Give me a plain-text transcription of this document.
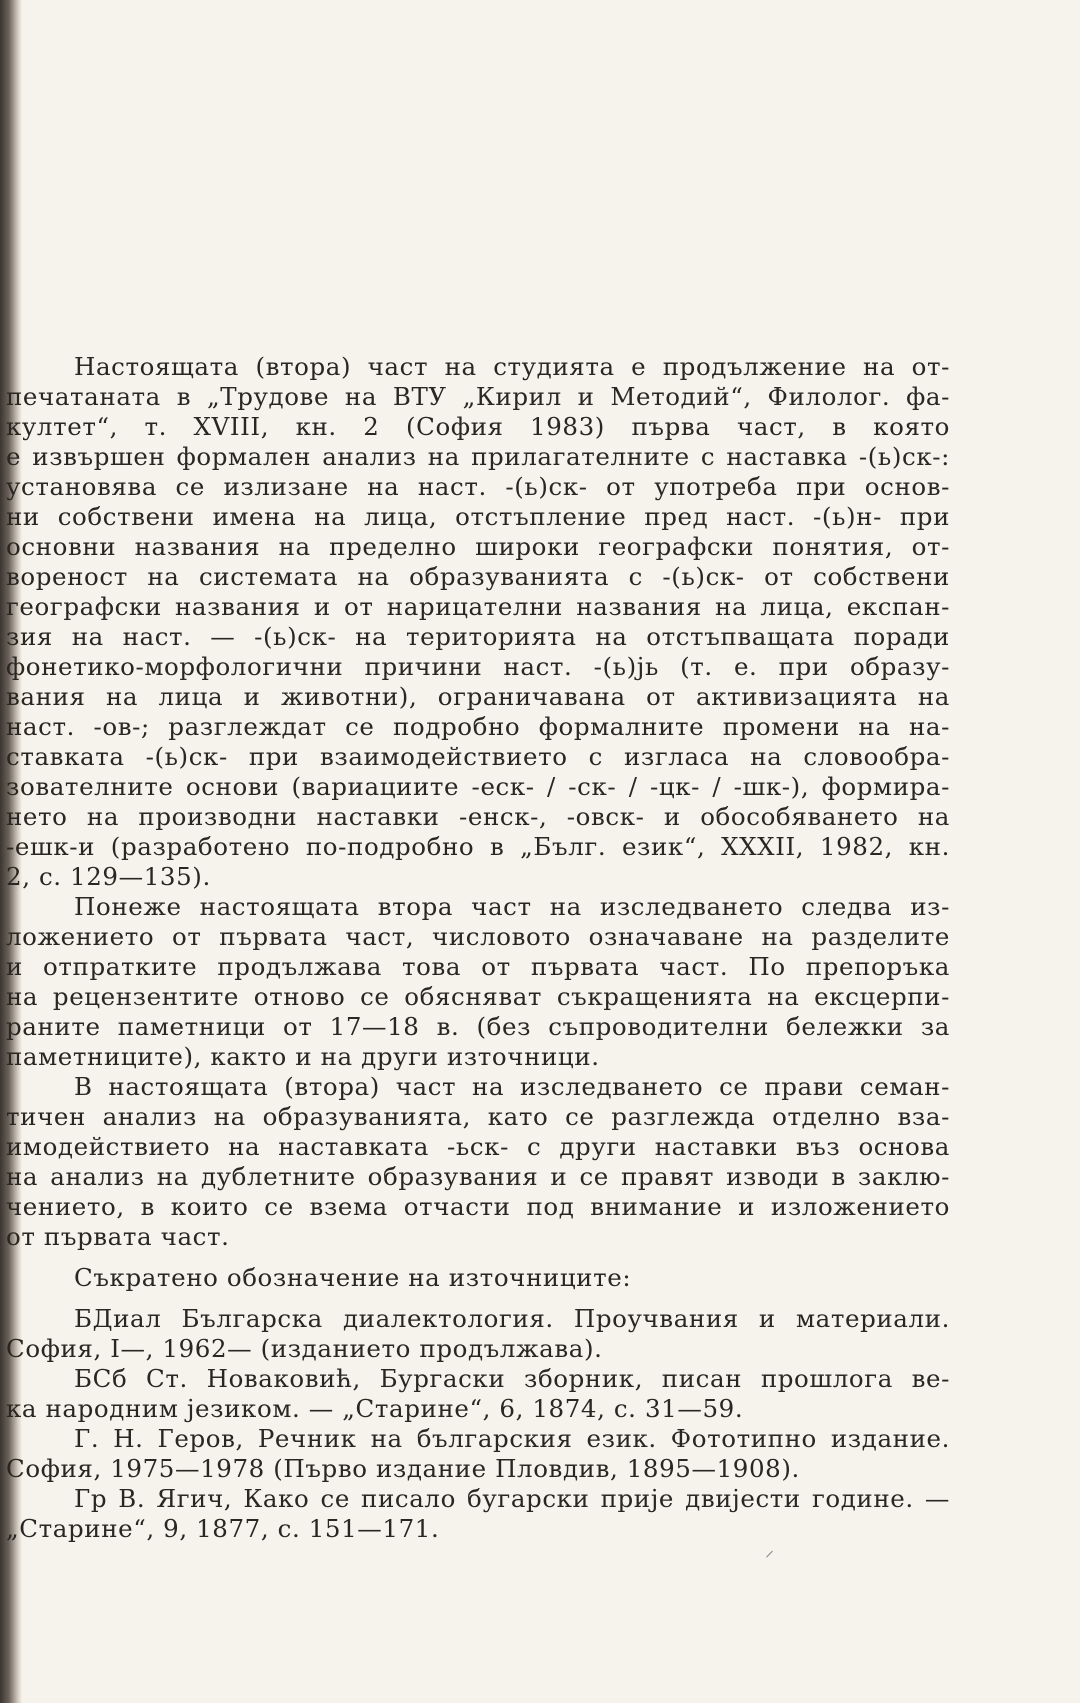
Настоящата (втора) част на студията е продължение на от-
печатаната в „Трудове на ВТУ „Кирил и Методий“, Филолог. фа-
култет“, т. XVIII, кн. 2 (София 1983) първа част, в която
е извършен формален анализ на прилагателните с наставка -(ь)ск-:
установява се излизане на наст. -(ь)ск- от употреба при основ-
ни собствени имена на лица, отстъпление пред наст. -(ь)н- при
основни названия на пределно широки географски понятия, от-
вореност на системата на образуванията с -(ь)ск- от собствени
географски названия и от нарицателни названия на лица, експан-
зия на наст. — -(ь)ск- на територията на отстъпващата поради
фонетико-морфологични причини наст. -(ь)јь (т. е. при образу-
вания на лица и животни), ограничавана от активизацията на
наст. -ов-; разглеждат се подробно формалните промени на на-
ставката -(ь)ск- при взаимодействието с изгласа на словообра-
зователните основи (вариациите -еск- / -ск- / -цк- / -шк-), формира-
нето на производни наставки -енск-, -овск- и обособяването на
-ешк-и (разработено по-подробно в „Бълг. език“, XXXII, 1982, кн.
2, с. 129—135).
Понеже настоящата втора част на изследването следва из-
ложението от първата част, числовото означаване на разделите
и отпратките продължава това от първата част. По препоръка
на рецензентите отново се обясняват съкращенията на ексцерпи-
раните паметници от 17—18 в. (без съпроводителни бележки за
паметниците), както и на други източници.
В настоящата (втора) част на изследването се прави семан-
тичен анализ на образуванията, като се разглежда отделно вза-
имодействието на наставката -ьск- с други наставки въз основа
на анализ на дублетните образувания и се правят изводи в заклю-
чението, в които се взема отчасти под внимание и изложението
от първата част.
Съкратено обозначение на източниците:
БДиал Българска диалектология. Проучвания и материали.
София, I—, 1962— (изданието продължава).
БСб Ст. Новаковић, Бургаски зборник, писан прошлога ве-
ка народним језиком. — „Старине“, 6, 1874, с. 31—59.
Г. Н. Геров, Речник на българския език. Фототипно издание.
София, 1975—1978 (Първо издание Пловдив, 1895—1908).
Гр В. Ягич, Како се писало бугарски прије двиjести године. —
„Старине“, 9, 1877, с. 151—171.
⸝
